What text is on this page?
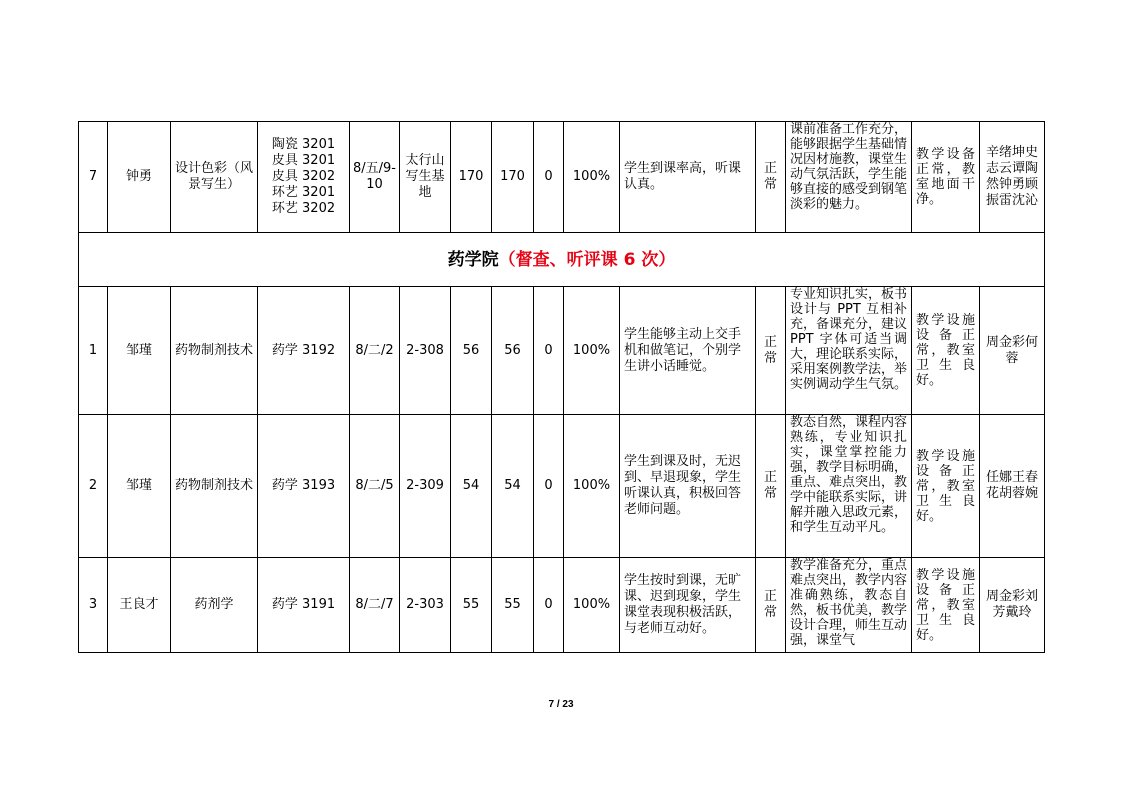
7	钟勇	设计色彩（风景写生）	陶瓷 3201
皮具 3201
皮具 3202
环艺 3201
环艺 3202	8/五/9-10	太行山写生基地	170	170	0	100%	学生到课率高，听课认真。	正常	课前准备工作充分，能够跟据学生基础情况因材施教，课堂生动气氛活跃，学生能够直接的感受到钢笔淡彩的魅力。	教学设备正常，教室地面干净。	辛绪坤史志云谭陶然钟勇顾振雷沈沁
药学院（督查、听评课 6 次）														
1	邹瑾	药物制剂技术	药学 3192	8/二/2	2-308	56	56	0	100%	学生能够主动上交手机和做笔记，个别学生讲小话睡觉。	正常	专业知识扎实，板书设计与 PPT 互相补充，备课充分，建议 PPT 字体可适当调大，理论联系实际，采用案例教学法，举实例调动学生气氛。	教学设施设备正常，教室卫生良好。	周金彩何蓉
2	邹瑾	药物制剂技术	药学 3193	8/二/5	2-309	54	54	0	100%	学生到课及时，无迟到、早退现象，学生听课认真，积极回答老师问题。	正常	教态自然，课程内容熟练，专业知识扎实，课堂掌控能力强，教学目标明确，重点、难点突出，教学中能联系实际，讲解并融入思政元素，和学生互动平凡。	教学设施设备正常，教室卫生良好。	任娜王春花胡蓉婉
3	王良才	药剂学	药学 3191	8/二/7	2-303	55	55	0	100%	学生按时到课，无旷课、迟到现象，学生课堂表现积极活跃，与老师互动好。	正常	教学准备充分，重点难点突出，教学内容准确熟练，教态自然，板书优美，教学设计合理，师生互动强，课堂气	教学设施设备正常，教室卫生良好。	周金彩刘芳戴玲
7 / 23
